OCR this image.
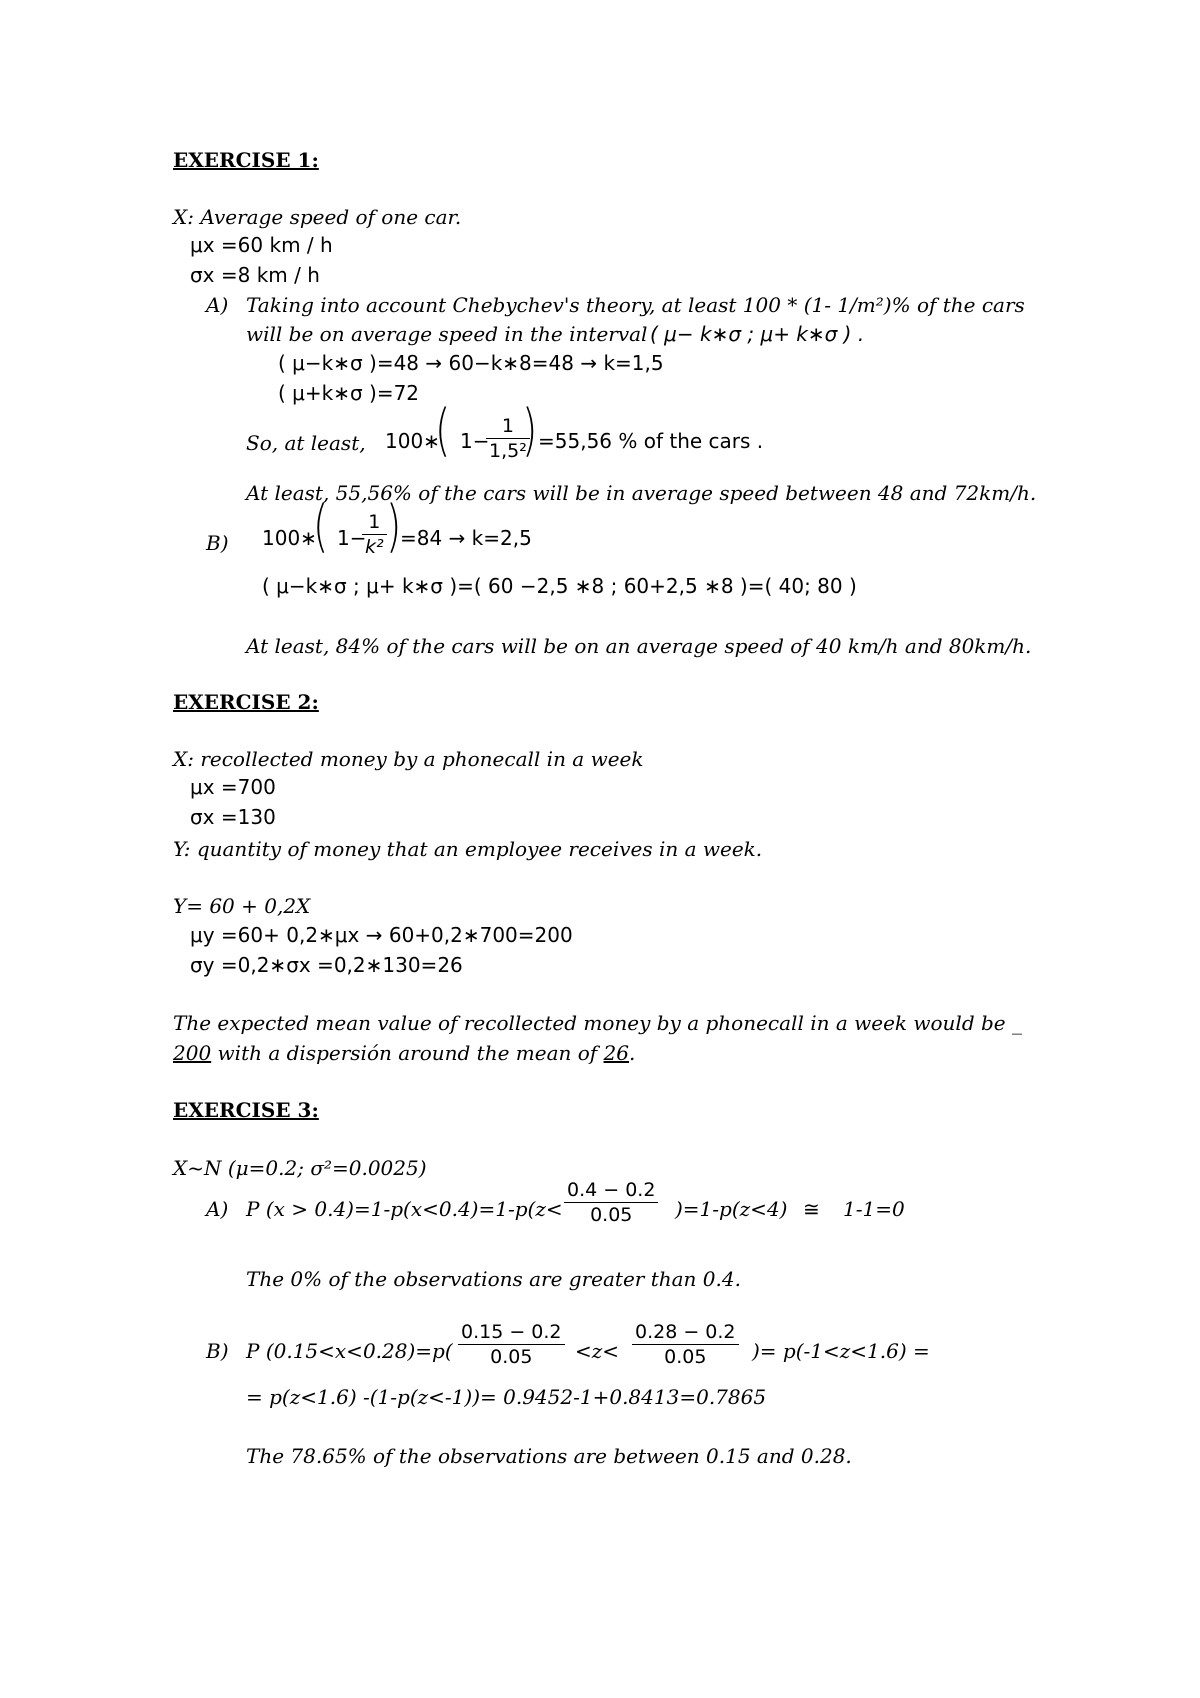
EXERCISE 1:
X: Average speed of one car.
μx =60 km / h
σx =8 km / h
A) Taking into account Chebychev's theory, at least 100 * (1- 1/m²)% of the cars
will be on average speed in the interval ( μ− k∗σ ; μ+ k∗σ ) .
( μ−k∗σ )=48 → 60−k∗8=48 → k=1,5
( μ+k∗σ )=72
So, at least, 100∗
( 1−
$\frac{1}{\text{1,5²}}$
) =55,56 % of the cars .
At least, 55,56% of the cars will be in average speed between 48 and 72km/h.
B) 100∗
( 1−
$\frac{1}{\text{k²}}$ )
=84 → k=2,5
( μ−k∗σ ; μ+ k∗σ )=( 60 −2,5 ∗8 ; 60+2,5 ∗8 )=( 40; 80 )
At least, 84% of the cars will be on an average speed of 40 km/h and 80km/h.
EXERCISE 2:
X: recollected money by a phonecall in a week
μx =700
σx =130
Y: quantity of money that an employee receives in a week.
Y= 60 + 0,2X
μy =60+ 0,2∗μx → 60+0,2∗700=200
σy =0,2∗σx =0,2∗130=26
The expected mean value of recollected money by a phonecall in a week would be _
200 with a dispersión around the mean of 26.
EXERCISE 3:
X~N (μ=0.2; σ²=0.0025)
A) P $(x > 0.4)=1-p(x<0.4)=1-p(z< \frac{0.4 - 0.2}{0.05} )=1-p(z<4)$ ≅ 1-1=0
The 0% of the observations are greater than 0.4.
B) P $(0.15<x<0.28)=p( \frac{0.15 - 0.2}{0.05} <z< \frac{0.28 - 0.2}{0.05}$ )= p(-1<z<1.6) =
= p(z<1.6) -(1-p(z<-1))= 0.9452-1+0.8413=0.7865
The 78.65% of the observations are between 0.15 and 0.28.
